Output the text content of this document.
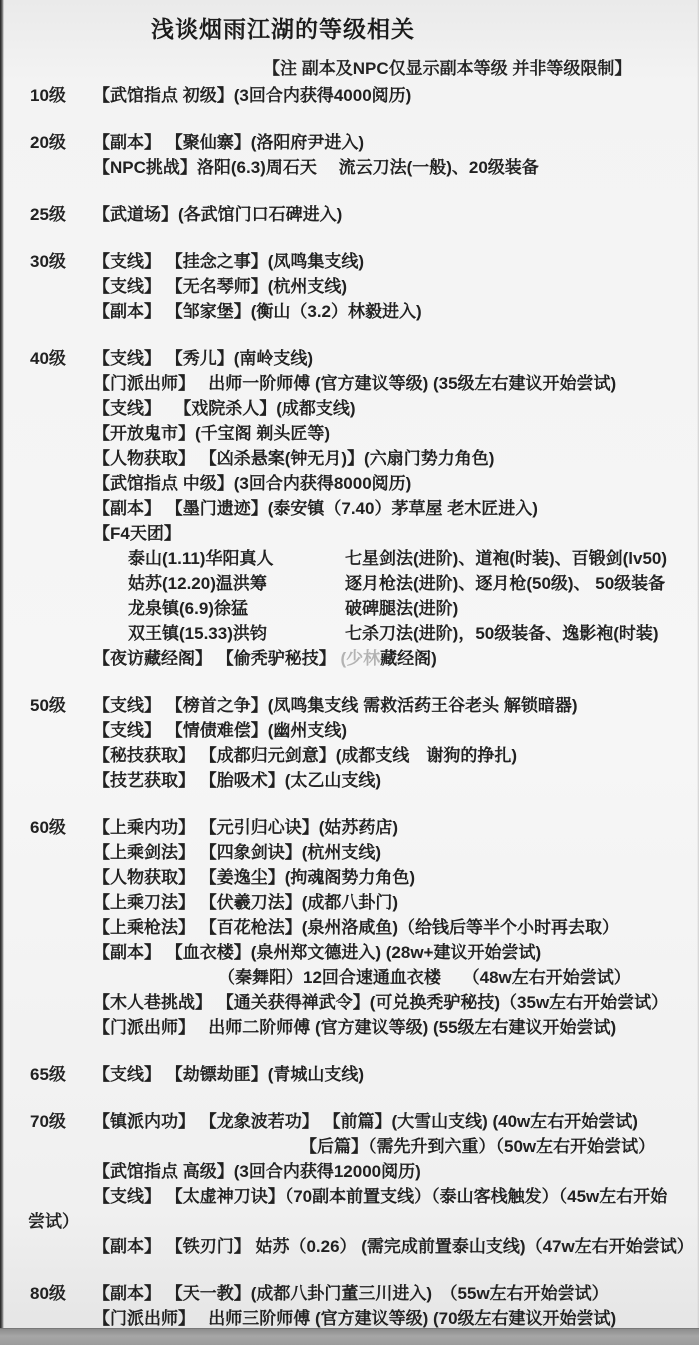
浅谈烟雨江湖的等级相关
【注 副本及NPC仅显示副本等级 并非等级限制】
10级 【武馆指点 初级】(3回合内获得4000阅历)
20级 【副本】 【聚仙寨】(洛阳府尹进入)
【NPC挑战】洛阳(6.3)周石天　 流云刀法(一般)、20级装备
25级 【武道场】(各武馆门口石碑进入)
30级 【支线】 【挂念之事】(凤鸣集支线)
【支线】 【无名琴师】(杭州支线)
【副本】 【邹家堡】(衡山（3.2）林毅进入)
40级 【支线】 【秀儿】(南岭支线)
【门派出师】　 出师一阶师傅 (官方建议等级) (35级左右建议开始尝试)
【支线】　 【戏院杀人】(成都支线)
【开放鬼市】(千宝阁 剃头匠等)
【人物获取】 【凶杀悬案(钟无月)】(六扇门势力角色)
【武馆指点 中级】(3回合内获得8000阅历)
【副本】 【墨门遗迹】(泰安镇（7.40）茅草屋 老木匠进入)
【F4天团】
泰山(1.11)华阳真人	七星剑法(进阶)、道袍(时装)、百锻剑(lv50)
姑苏(12.20)温洪筹	逐月枪法(进阶)、逐月枪(50级)、 50级装备
龙泉镇(6.9)徐猛	破碑腿法(进阶)
双王镇(15.33)洪钧	七杀刀法(进阶)，50级装备、逸影袍(时装)
【夜访藏经阁】 【偷秃驴秘技】 (少林藏经阁)
50级 【支线】 【榜首之争】(凤鸣集支线 需救活药王谷老头 解锁暗器)
【支线】 【情债难偿】(幽州支线)
【秘技获取】 【成都归元剑意】(成都支线　谢狗的挣扎)
【技艺获取】 【胎吸术】(太乙山支线)
60级 【上乘内功】 【元引归心诀】(姑苏药店)
【上乘剑法】 【四象剑诀】(杭州支线)
【人物获取】 【姜逸尘】(拘魂阁势力角色)
【上乘刀法】 【伏羲刀法】(成都八卦门)
【上乘枪法】 【百花枪法】(泉州洛咸鱼)（给钱后等半个小时再去取）
【副本】 【血衣楼】(泉州郑文德进入) (28w+建议开始尝试)
（秦舞阳）12回合速通血衣楼　 （48w左右开始尝试）
【木人巷挑战】 【通关获得禅武令】(可兑换秃驴秘技)（35w左右开始尝试）
【门派出师】　 出师二阶师傅 (官方建议等级) (55级左右建议开始尝试)
65级 【支线】 【劫镖劫匪】(青城山支线)
70级 【镇派内功】 【龙象波若功】 【前篇】(大雪山支线) (40w左右开始尝试)
【后篇】（需先升到六重）（50w左右开始尝试）
【武馆指点 高级】(3回合内获得12000阅历)
【支线】 【太虚神刀诀】（70副本前置支线）（泰山客栈触发）（45w左右开始
尝试）
【副本】 【铁刃门】 姑苏（0.26） (需完成前置泰山支线)（47w左右开始尝试）
80级 【副本】 【天一教】(成都八卦门董三川进入)　（55w左右开始尝试）
【门派出师】　 出师三阶师傅 (官方建议等级) (70级左右建议开始尝试)
